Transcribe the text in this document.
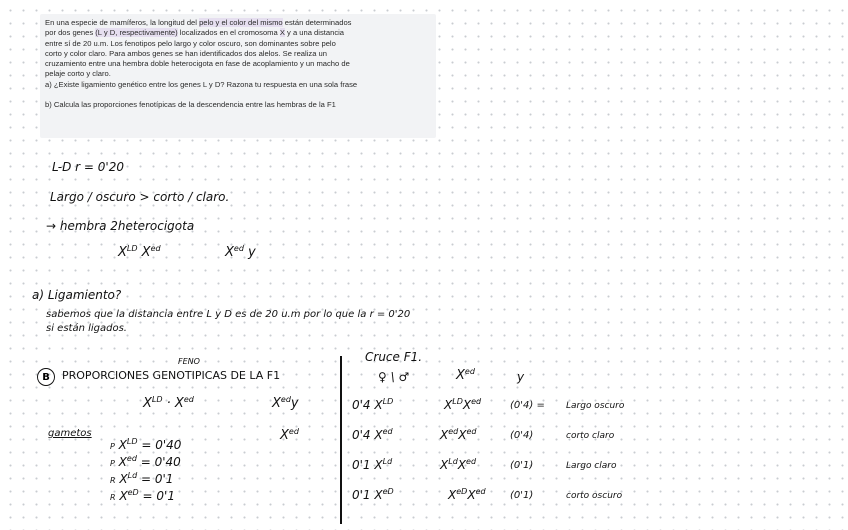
En una especie de mamíferos, la longitud del pelo y el color del mismo están determinados

por dos genes (L y D, respectivamente) localizados en el cromosoma X y a una distancia

entre sí de 20 u.m. Los fenotipos pelo largo y color oscuro, son dominantes sobre pelo

corto y color claro. Para ambos genes se han identificados dos alelos. Se realiza un

cruzamiento entre una hembra doble heterocigota en fase de acoplamiento y un macho de

pelaje corto y claro.

a) ¿Existe ligamiento genético entre los genes L y D? Razona tu respuesta en una sola frase

b) Calcula las proporciones fenotípicas de la descendencia entre las hembras de la F1

L-D r = 0'20
Largo / oscuro > corto / claro.
→ hembra 2heterocigota
$X^{LD}$ $X^{ed}$	$X^{ed}$ y
a) Ligamiento?
sabemos que la distancia entre L y D es de 20 u.m por lo que la r = 0'20
si están ligados.
B
FENO
PROPORCIONES GENOTIPICAS DE LA F1
$X^{LD} \cdot X^{ed}$	$X^{ed}y$
gametos	$X^{ed}$
P $X^{LD} = 0'40$
P $X^{ed} = 0'40$
R $X^{Ld} = 0'1$
R $X^{eD} = 0'1$
Cruce F1.
♀ \ ♂	$X^{ed}$	y
0'4 $X^{LD}$	$X^{LD}X^{ed}$	(0'4) = Largo oscuro
0'4 $X^{ed}$	$X^{ed}X^{ed}$	(0'4)	corto claro
0'1 $X^{Ld}$	$X^{Ld}X^{ed}$	(0'1)	Largo claro
0'1 $X^{eD}$	$X^{eD}X^{ed}$ (0'1)	corto oscuro
